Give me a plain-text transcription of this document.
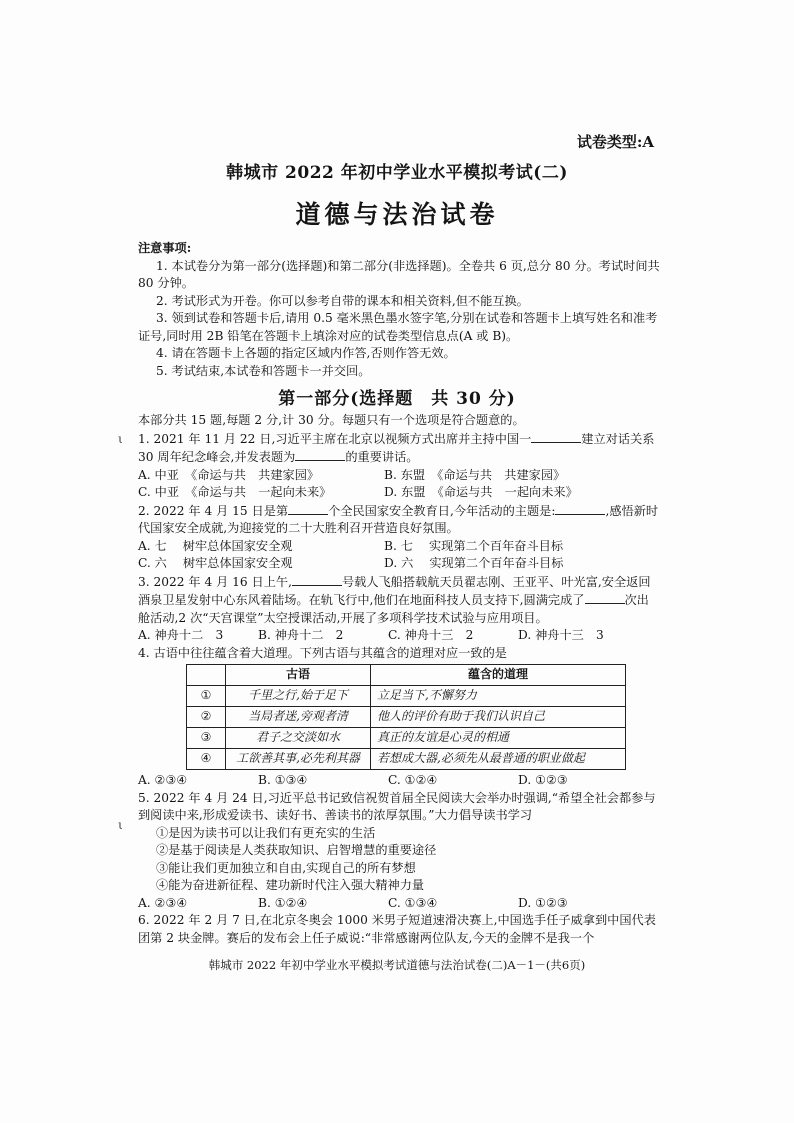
试卷类型:A
韩城市 2022 年初中学业水平模拟考试(二)
道德与法治试卷

注意事项:

1. 本试卷分为第一部分(选择题)和第二部分(非选择题)。全卷共 6 页,总分 80 分。考试时间共 80 分钟。

2. 考试形式为开卷。你可以参考自带的课本和相关资料,但不能互换。

3. 领到试卷和答题卡后,请用 0.5 毫米黑色墨水签字笔,分别在试卷和答题卡上填写姓名和准考证号,同时用 2B 铅笔在答题卡上填涂对应的试卷类型信息点(A 或 B)。

4. 请在答题卡上各题的指定区域内作答,否则作答无效。

5. 考试结束,本试卷和答题卡一并交回。

第一部分(选择题　共 30 分)

本部分共 15 题,每题 2 分,计 30 分。每题只有一个选项是符合题意的。

1. 2021 年 11 月 22 日,习近平主席在北京以视频方式出席并主持中国一	建立对话关系 30 周年纪念峰会,并发表题为	的重要讲话。

A. 中亚　《命运与共　共建家园》	B. 东盟　《命运与共　共建家园》
C. 中亚　《命运与共　一起向未来》	D. 东盟　《命运与共　一起向未来》

2. 2022 年 4 月 15 日是第	个全民国家安全教育日,今年活动的主题是:	,感悟新时代国家安全成就,为迎接党的二十大胜利召开营造良好氛围。

A. 七　 树牢总体国家安全观	B. 七　 实现第二个百年奋斗目标
C. 六　 树牢总体国家安全观	D. 六　 实现第二个百年奋斗目标

3. 2022 年 4 月 16 日上午,	号载人飞船搭载航天员翟志刚、王亚平、叶光富,安全返回酒泉卫星发射中心东风着陆场。在轨飞行中,他们在地面科技人员支持下,圆满完成了	次出舱活动,2 次“天宫课堂”太空授课活动,开展了多项科学技术试验与应用项目。

A. 神舟十二　3	B. 神舟十二　2	C. 神舟十三　2	D. 神舟十三　3

4. 古语中往往蕴含着大道理。下列古语与其蕴含的道理对应一致的是

	古语	蕴含的道理
①	千里之行,始于足下	立足当下,不懈努力
②	当局者迷,旁观者清	他人的评价有助于我们认识自己
③	君子之交淡如水	真正的友谊是心灵的相通
④	工欲善其事,必先利其器	若想成大器,必须先从最普通的职业做起
A. ②③④	B. ①③④	C. ①②④	D. ①②③

5. 2022 年 4 月 24 日,习近平总书记致信祝贺首届全民阅读大会举办时强调,“希望全社会都参与到阅读中来,形成爱读书、读好书、善读书的浓厚氛围。”大力倡导读书学习

①是因为读书可以让我们有更充实的生活

②是基于阅读是人类获取知识、启智增慧的重要途径

③能让我们更加独立和自由,实现自己的所有梦想

④能为奋进新征程、建功新时代注入强大精神力量

A. ②③④	B. ①②④	C. ①③④	D. ①②③

6. 2022 年 2 月 7 日,在北京冬奥会 1000 米男子短道速滑决赛上,中国选手任子威拿到中国代表团第 2 块金牌。赛后的发布会上任子威说:“非常感谢两位队友,今天的金牌不是我一个

ι
ι
韩城市 2022 年初中学业水平模拟考试道德与法治试卷(二)A－1－(共6页)
